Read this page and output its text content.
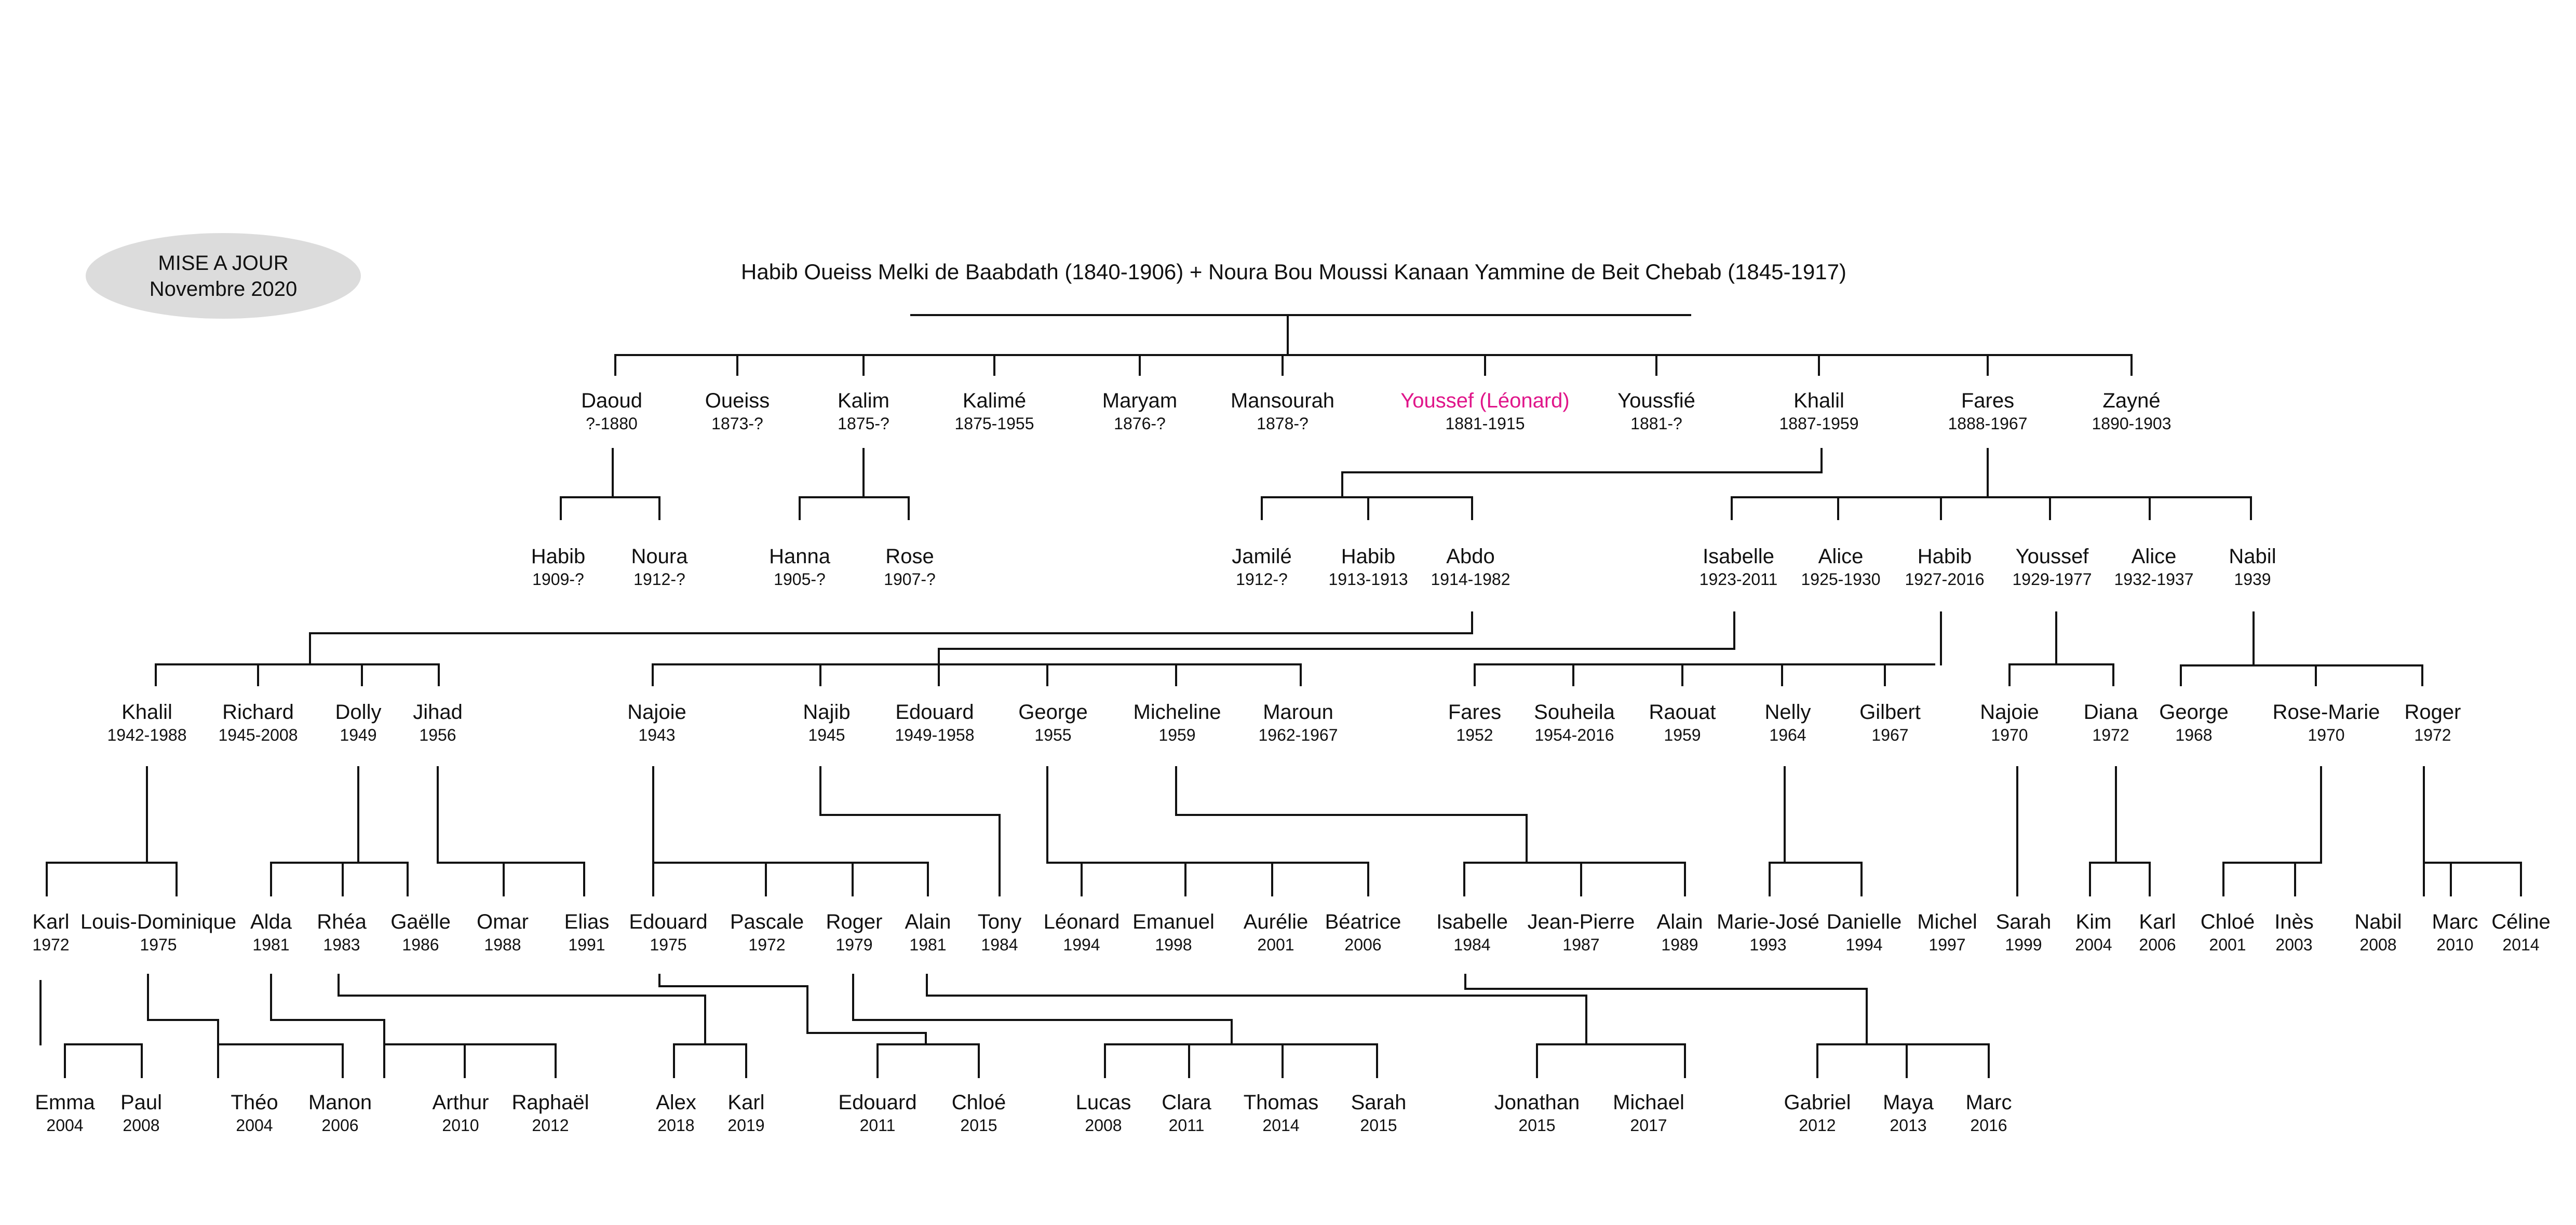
MISE A JOUR
Novembre 2020
Habib Oueiss Melki de Baabdath (1840-1906) + Noura Bou Moussi Kanaan Yammine de Beit Chebab (1845-1917)
Daoud
?-1880
Oueiss
1873-?
Kalim
1875-?
Kalimé
1875-1955
Maryam
1876-?
Mansourah
1878-?
Youssef (Léonard)
1881-1915
Youssfié
1881-?
Khalil
1887-1959
Fares
1888-1967
Zayné
1890-1903
Habib
1909-?
Noura
1912-?
Hanna
1905-?
Rose
1907-?
Jamilé
1912-?
Habib
1913-1913
Abdo
1914-1982
Isabelle
1923-2011
Alice
1925-1930
Habib
1927-2016
Youssef
1929-1977
Alice
1932-1937
Nabil
1939
Khalil
1942-1988
Richard
1945-2008
Dolly
1949
Jihad
1956
Najoie
1943
Najib
1945
Edouard
1949-1958
George
1955
Micheline
1959
Maroun
1962-1967
Fares
1952
Souheila
1954-2016
Raouat
1959
Nelly
1964
Gilbert
1967
Najoie
1970
Diana
1972
George
1968
Rose-Marie
1970
Roger
1972
Karl
1972
Louis-Dominique
1975
Alda
1981
Rhéa
1983
Gaëlle
1986
Omar
1988
Elias
1991
Edouard
1975
Pascale
1972
Roger
1979
Alain
1981
Tony
1984
Léonard
1994
Emanuel
1998
Aurélie
2001
Béatrice
2006
Isabelle
1984
Jean-Pierre
1987
Alain
1989
Marie-José
1993
Danielle
1994
Michel
1997
Sarah
1999
Kim
2004
Karl
2006
Chloé
2001
Inès
2003
Nabil
2008
Marc
2010
Céline
2014
Emma
2004
Paul
2008
Théo
2004
Manon
2006
Arthur
2010
Raphaël
2012
Alex
2018
Karl
2019
Edouard
2011
Chloé
2015
Lucas
2008
Clara
2011
Thomas
2014
Sarah
2015
Jonathan
2015
Michael
2017
Gabriel
2012
Maya
2013
Marc
2016
